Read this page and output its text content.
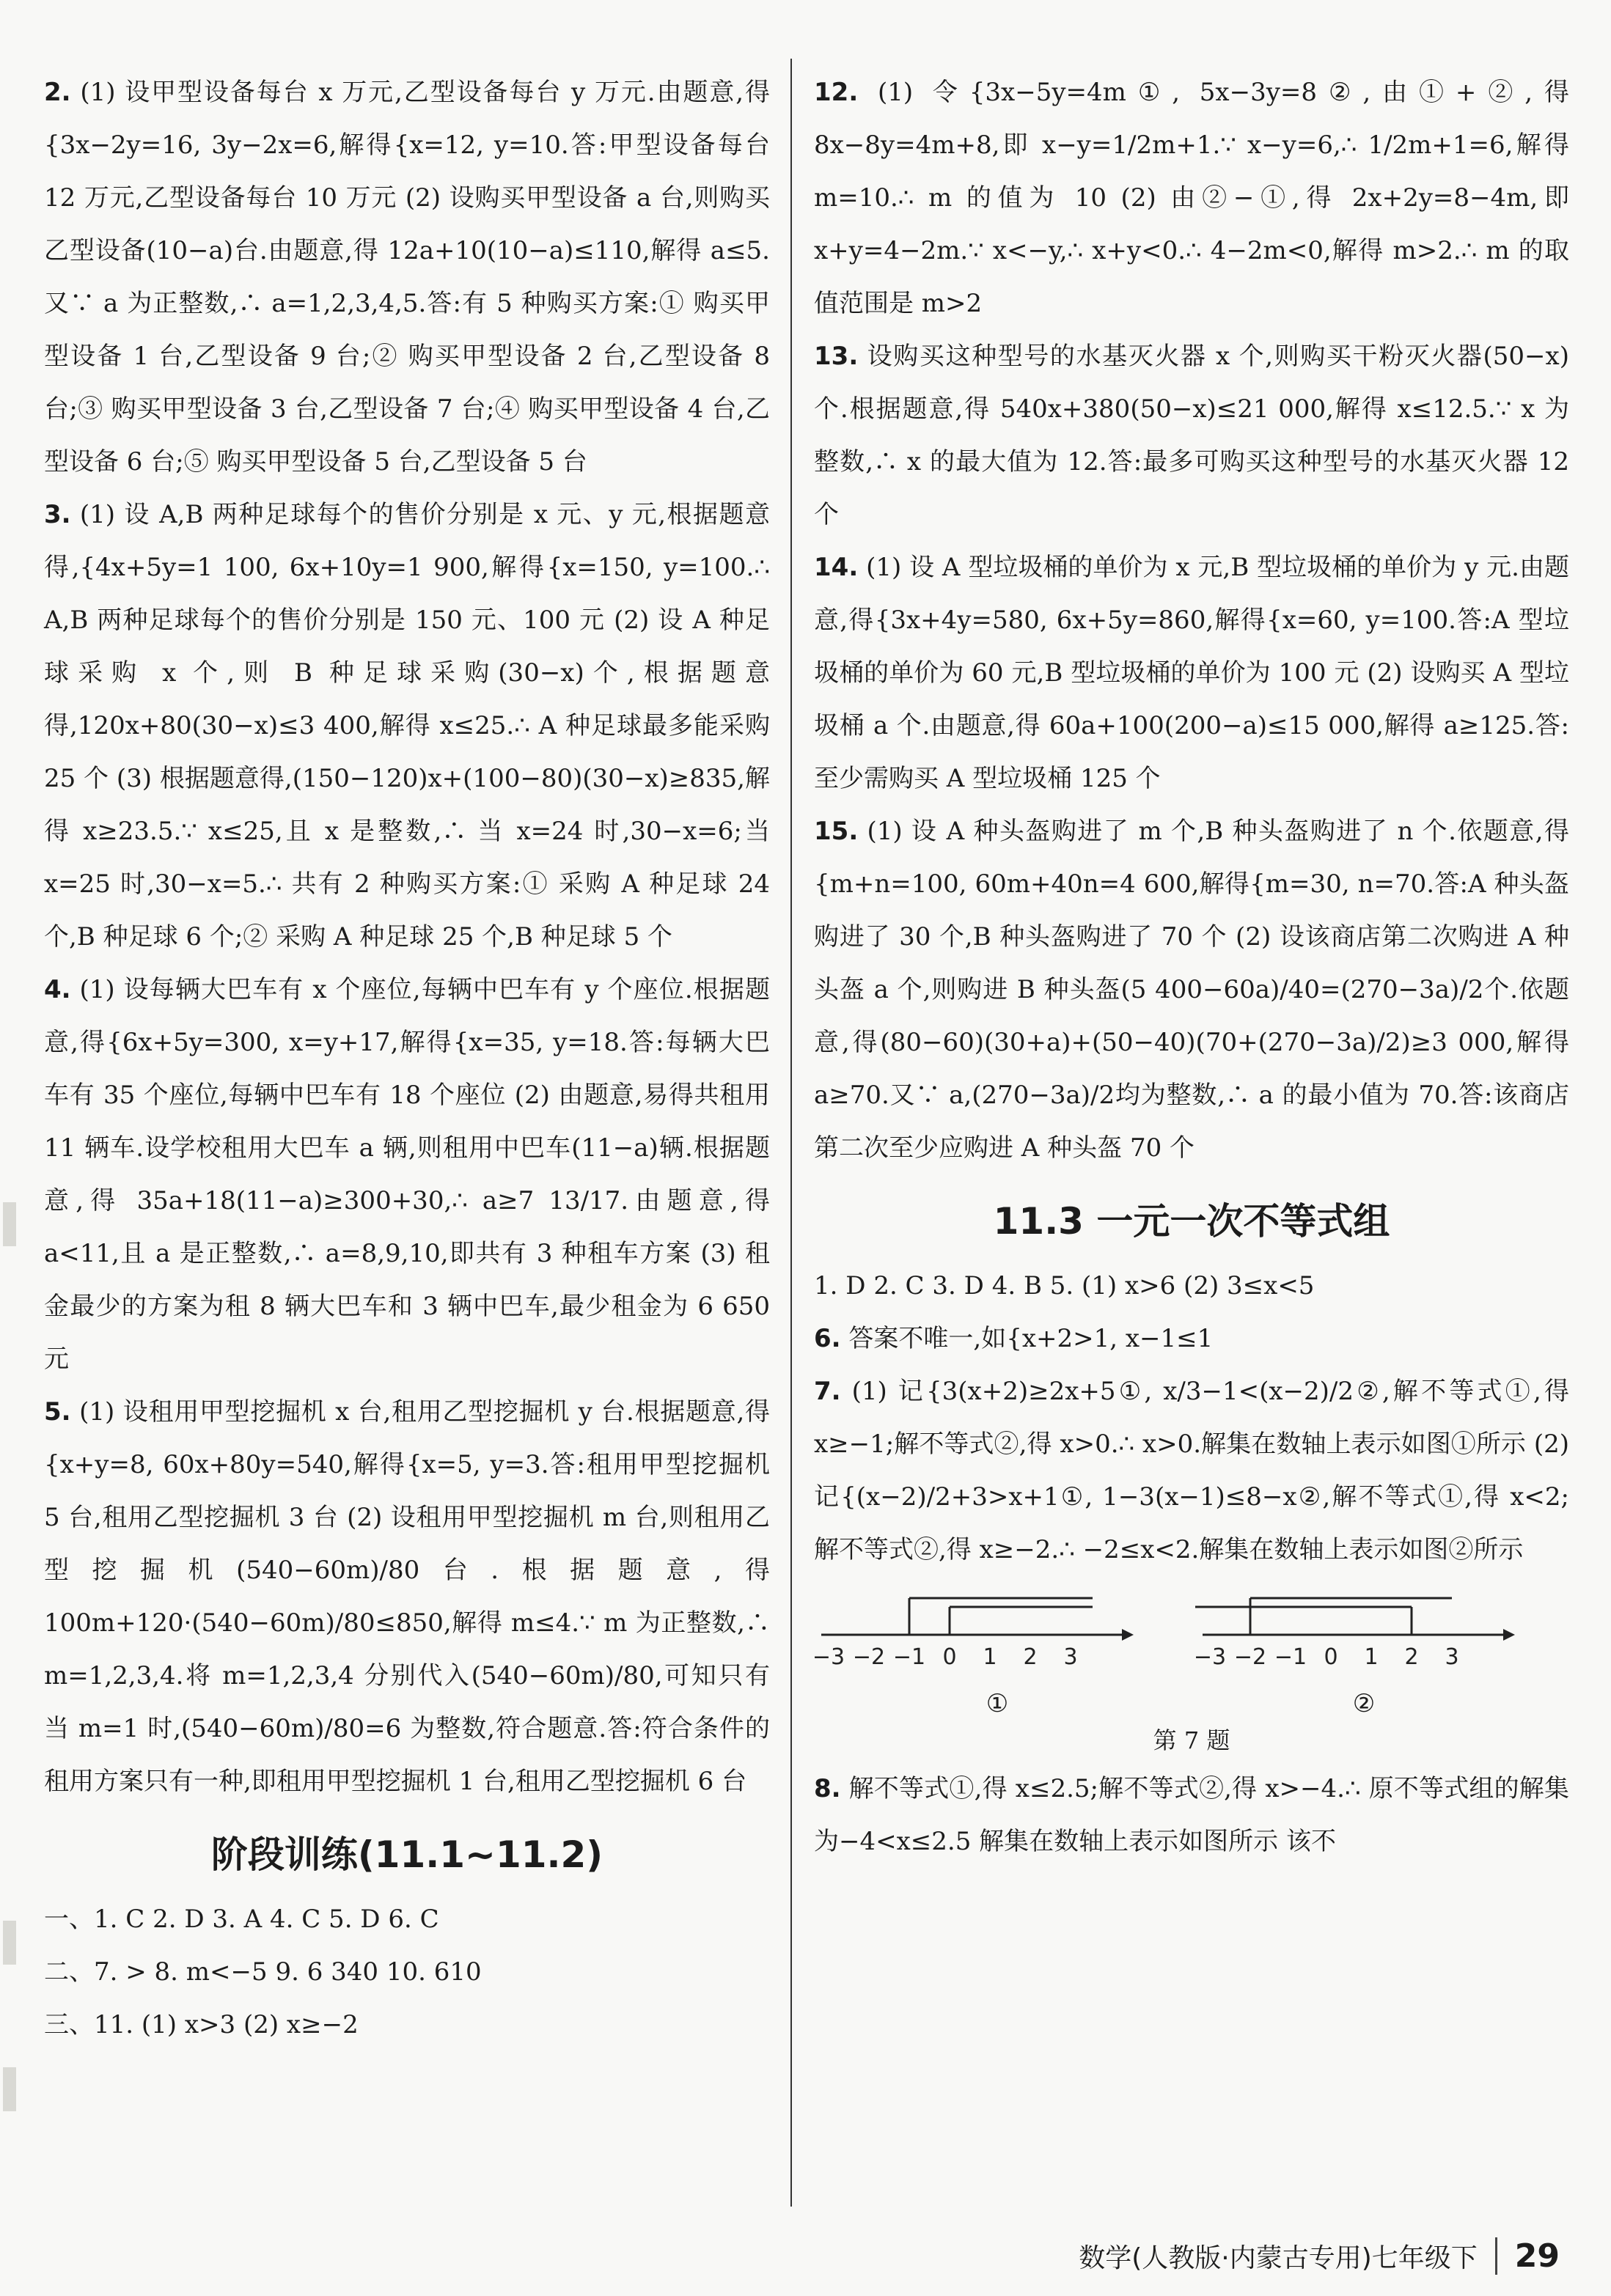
2. (1) 设甲型设备每台 x 万元,乙型设备每台 y 万元.由题意,得{3x−2y=16, 3y−2x=6,解得{x=12, y=10.答:甲型设备每台 12 万元,乙型设备每台 10 万元 (2) 设购买甲型设备 a 台,则购买乙型设备(10−a)台.由题意,得 12a+10(10−a)≤110,解得 a≤5.又∵ a 为正整数,∴ a=1,2,3,4,5.答:有 5 种购买方案:① 购买甲型设备 1 台,乙型设备 9 台;② 购买甲型设备 2 台,乙型设备 8 台;③ 购买甲型设备 3 台,乙型设备 7 台;④ 购买甲型设备 4 台,乙型设备 6 台;⑤ 购买甲型设备 5 台,乙型设备 5 台

3. (1) 设 A,B 两种足球每个的售价分别是 x 元、y 元,根据题意得,{4x+5y=1 100, 6x+10y=1 900,解得{x=150, y=100.∴ A,B 两种足球每个的售价分别是 150 元、100 元 (2) 设 A 种足球采购 x 个,则 B 种足球采购(30−x)个,根据题意得,120x+80(30−x)≤3 400,解得 x≤25.∴ A 种足球最多能采购 25 个 (3) 根据题意得,(150−120)x+(100−80)(30−x)≥835,解得 x≥23.5.∵ x≤25,且 x 是整数,∴ 当 x=24 时,30−x=6;当 x=25 时,30−x=5.∴ 共有 2 种购买方案:① 采购 A 种足球 24 个,B 种足球 6 个;② 采购 A 种足球 25 个,B 种足球 5 个

4. (1) 设每辆大巴车有 x 个座位,每辆中巴车有 y 个座位.根据题意,得{6x+5y=300, x=y+17,解得{x=35, y=18.答:每辆大巴车有 35 个座位,每辆中巴车有 18 个座位 (2) 由题意,易得共租用 11 辆车.设学校租用大巴车 a 辆,则租用中巴车(11−a)辆.根据题意,得 35a+18(11−a)≥300+30,∴ a≥7 13/17.由题意,得 a<11,且 a 是正整数,∴ a=8,9,10,即共有 3 种租车方案 (3) 租金最少的方案为租 8 辆大巴车和 3 辆中巴车,最少租金为 6 650 元

5. (1) 设租用甲型挖掘机 x 台,租用乙型挖掘机 y 台.根据题意,得{x+y=8, 60x+80y=540,解得{x=5, y=3.答:租用甲型挖掘机 5 台,租用乙型挖掘机 3 台 (2) 设租用甲型挖掘机 m 台,则租用乙型挖掘机(540−60m)/80台.根据题意,得 100m+120·(540−60m)/80≤850,解得 m≤4.∵ m 为正整数,∴ m=1,2,3,4.将 m=1,2,3,4 分别代入(540−60m)/80,可知只有当 m=1 时,(540−60m)/80=6 为整数,符合题意.答:符合条件的租用方案只有一种,即租用甲型挖掘机 1 台,租用乙型挖掘机 6 台

阶段训练(11.1~11.2)

一、1. C 2. D 3. A 4. C 5. D 6. C

二、7. > 8. m<−5 9. 6 340 10. 610

三、11. (1) x>3 (2) x≥−2

12. (1) 令{3x−5y=4m①, 5x−3y=8②,由①+②,得 8x−8y=4m+8,即 x−y=1/2m+1.∵ x−y=6,∴ 1/2m+1=6,解得 m=10.∴ m 的值为 10 (2) 由②−①,得 2x+2y=8−4m,即 x+y=4−2m.∵ x<−y,∴ x+y<0.∴ 4−2m<0,解得 m>2.∴ m 的取值范围是 m>2

13. 设购买这种型号的水基灭火器 x 个,则购买干粉灭火器(50−x)个.根据题意,得 540x+380(50−x)≤21 000,解得 x≤12.5.∵ x 为整数,∴ x 的最大值为 12.答:最多可购买这种型号的水基灭火器 12 个

14. (1) 设 A 型垃圾桶的单价为 x 元,B 型垃圾桶的单价为 y 元.由题意,得{3x+4y=580, 6x+5y=860,解得{x=60, y=100.答:A 型垃圾桶的单价为 60 元,B 型垃圾桶的单价为 100 元 (2) 设购买 A 型垃圾桶 a 个.由题意,得 60a+100(200−a)≤15 000,解得 a≥125.答:至少需购买 A 型垃圾桶 125 个

15. (1) 设 A 种头盔购进了 m 个,B 种头盔购进了 n 个.依题意,得{m+n=100, 60m+40n=4 600,解得{m=30, n=70.答:A 种头盔购进了 30 个,B 种头盔购进了 70 个 (2) 设该商店第二次购进 A 种头盔 a 个,则购进 B 种头盔(5 400−60a)/40=(270−3a)/2个.依题意,得(80−60)(30+a)+(50−40)(70+(270−3a)/2)≥3 000,解得 a≥70.又∵ a,(270−3a)/2均为整数,∴ a 的最小值为 70.答:该商店第二次至少应购进 A 种头盔 70 个

11.3 一元一次不等式组

1. D 2. C 3. D 4. B 5. (1) x>6 (2) 3≤x<5

6. 答案不唯一,如{x+2>1, x−1≤1

7. (1) 记{3(x+2)≥2x+5①, x/3−1<(x−2)/2②,解不等式①,得 x≥−1;解不等式②,得 x>0.∴ x>0.解集在数轴上表示如图①所示 (2) 记{(x−2)/2+3>x+1①, 1−3(x−1)≤8−x②,解不等式①,得 x<2;解不等式②,得 x≥−2.∴ −2≤x<2.解集在数轴上表示如图②所示

−3 −2 −1 0 1 2 3	−3 −2 −1 0 1 2 3
①	②

第 7 题

8. 解不等式①,得 x≤2.5;解不等式②,得 x>−4.∴ 原不等式组的解集为−4<x≤2.5 解集在数轴上表示如图所示 该不

数学(人教版·内蒙古专用)七年级下 29
